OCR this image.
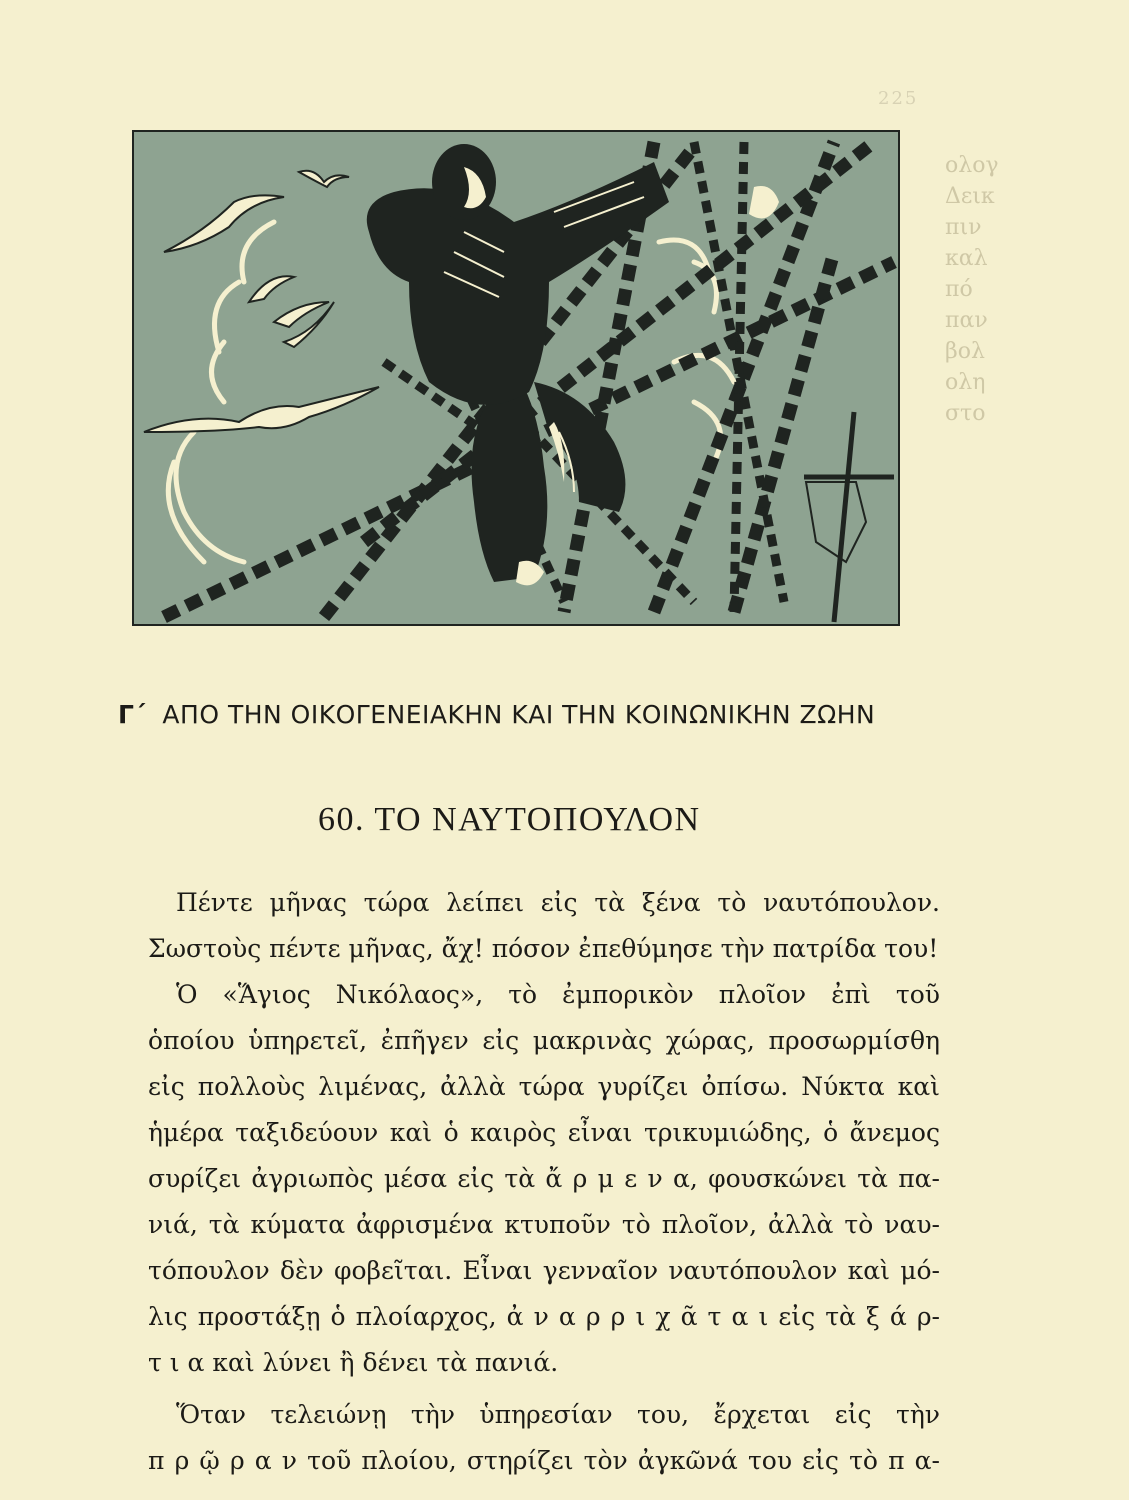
225
ολογ
Δεικ
πιν
καλ
πό
παν
βολ
ολη
στο
Γ΄ ΑΠΟ ΤΗΝ ΟΙΚΟΓΕΝΕΙΑΚΗΝ ΚΑΙ ΤΗΝ ΚΟΙΝΩΝΙΚΗΝ ΖΩΗΝ
60. ΤΟ ΝΑΥΤΟΠΟΥΛΟΝ
Πέντε μῆνας τώρα λείπει εἰς τὰ ξένα τὸ ναυτόπουλον.
Σωστοὺς πέντε μῆνας, ἄχ! πόσον ἐπεθύμησε τὴν πατρίδα του!
Ὁ «Ἅγιος Νικόλαος», τὸ ἐμπορικὸν πλοῖον ἐπὶ τοῦ
ὁποίου ὑπηρετεῖ, ἐπῆγεν εἰς μακρινὰς χώρας, προσωρμίσθη
εἰς πολλοὺς λιμένας, ἀλλὰ τώρα γυρίζει ὀπίσω. Νύκτα καὶ
ἡμέρα ταξιδεύουν καὶ ὁ καιρὸς εἶναι τρικυμιώδης, ὁ ἄνεμος
συρίζει ἀγριωπὸς μέσα εἰς τὰ ἄ ρ μ ε ν α, φουσκώνει τὰ πα-
νιά, τὰ κύματα ἀφρισμένα κτυποῦν τὸ πλοῖον, ἀλλὰ τὸ ναυ-
τόπουλον δὲν φοβεῖται. Εἶναι γενναῖον ναυτόπουλον καὶ μό-
λις προστάξῃ ὁ πλοίαρχος, ἀ ν α ρ ρ ι χ ᾶ τ α ι εἰς τὰ ξ ά ρ-
τ ι α καὶ λύνει ἢ δένει τὰ πανιά.
Ὅταν τελειώνῃ τὴν ὑπηρεσίαν του, ἔρχεται εἰς τὴν
π ρ ῷ ρ α ν τοῦ πλοίου, στηρίζει τὸν ἀγκῶνά του εἰς τὸ π α-
